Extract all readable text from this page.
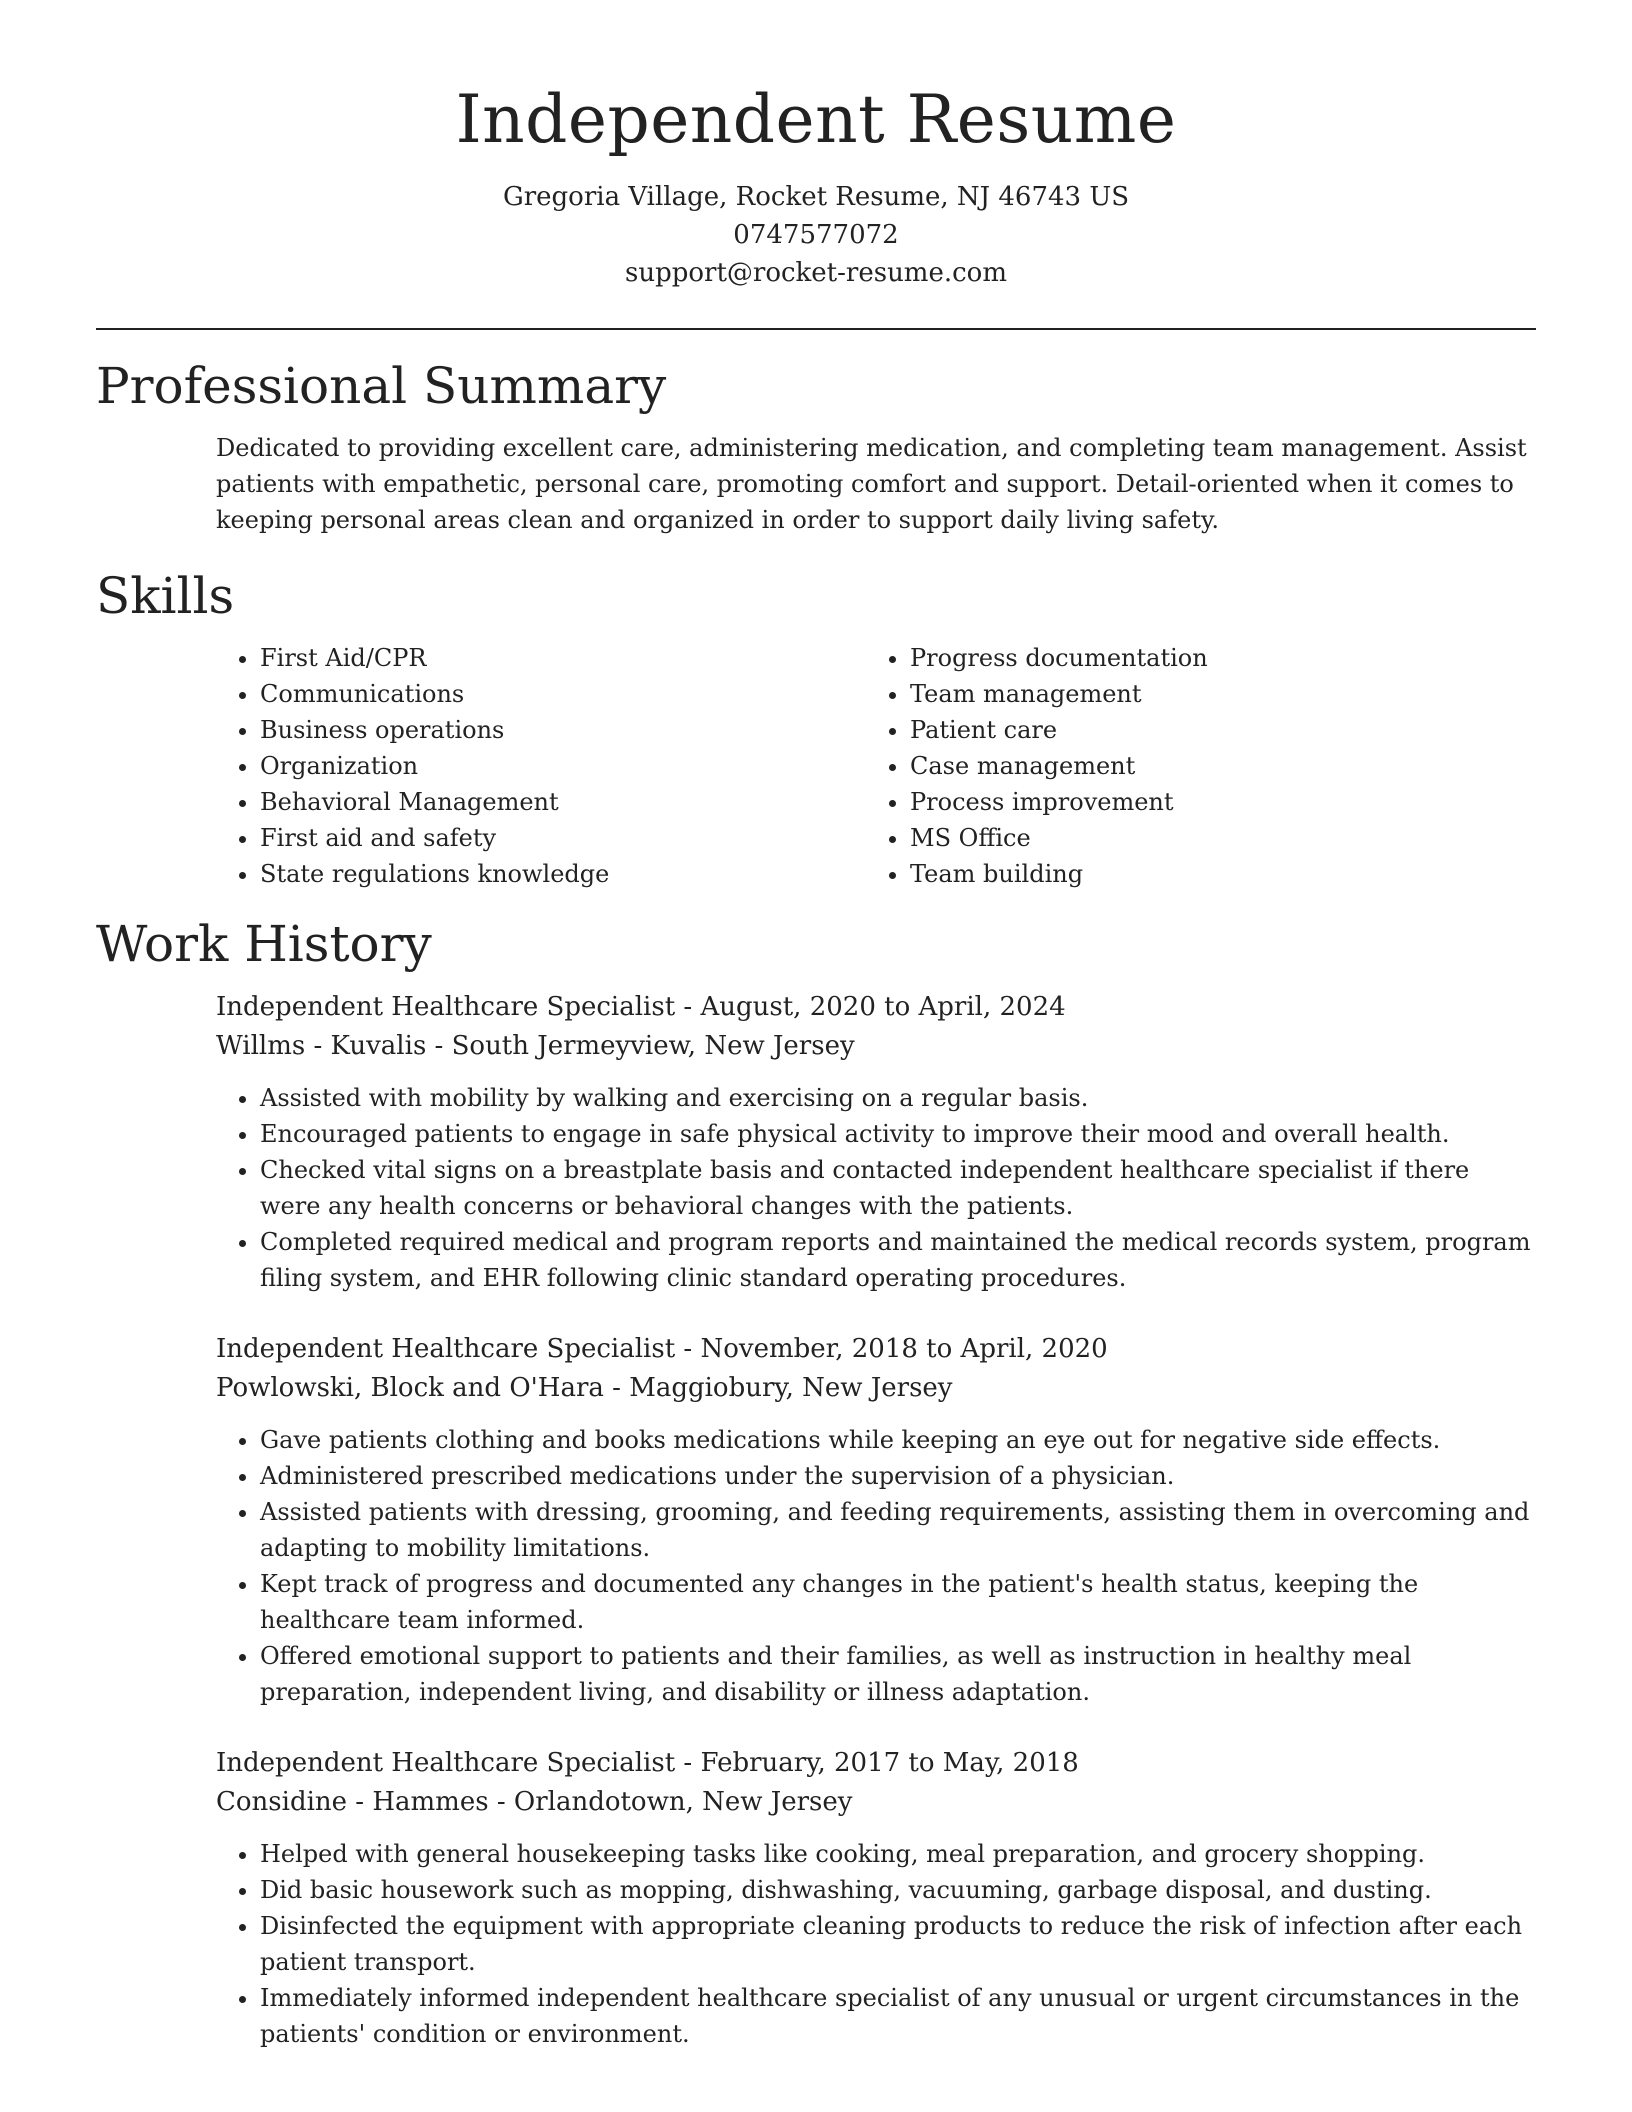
Independent Resume

Gregoria Village, Rocket Resume, NJ 46743 US

0747577072

support@rocket-resume.com

Professional Summary

Dedicated to providing excellent care, administering medication, and completing team management. Assist patients with empathetic, personal care, promoting comfort and support. Detail-oriented when it comes to keeping personal areas clean and organized in order to support daily living safety.

Skills
• First Aid/CPR
• Communications
• Business operations
• Organization
• Behavioral Management
• First aid and safety
• State regulations knowledge
• Progress documentation
• Team management
• Patient care
• Case management
• Process improvement
• MS Office
• Team building
Work History

Independent Healthcare Specialist - August, 2020 to April, 2024

Willms - Kuvalis - South Jermeyview, New Jersey

• Assisted with mobility by walking and exercising on a regular basis.
• Encouraged patients to engage in safe physical activity to improve their mood and overall health.
• Checked vital signs on a breastplate basis and contacted independent healthcare specialist if there were any health concerns or behavioral changes with the patients.
• Completed required medical and program reports and maintained the medical records system, program filing system, and EHR following clinic standard operating procedures.

Independent Healthcare Specialist - November, 2018 to April, 2020

Powlowski, Block and O'Hara - Maggiobury, New Jersey

• Gave patients clothing and books medications while keeping an eye out for negative side effects.
• Administered prescribed medications under the supervision of a physician.
• Assisted patients with dressing, grooming, and feeding requirements, assisting them in overcoming and adapting to mobility limitations.
• Kept track of progress and documented any changes in the patient's health status, keeping the healthcare team informed.
• Offered emotional support to patients and their families, as well as instruction in healthy meal preparation, independent living, and disability or illness adaptation.

Independent Healthcare Specialist - February, 2017 to May, 2018

Considine - Hammes - Orlandotown, New Jersey

• Helped with general housekeeping tasks like cooking, meal preparation, and grocery shopping.
• Did basic housework such as mopping, dishwashing, vacuuming, garbage disposal, and dusting.
• Disinfected the equipment with appropriate cleaning products to reduce the risk of infection after each patient transport.
• Immediately informed independent healthcare specialist of any unusual or urgent circumstances in the patients' condition or environment.
